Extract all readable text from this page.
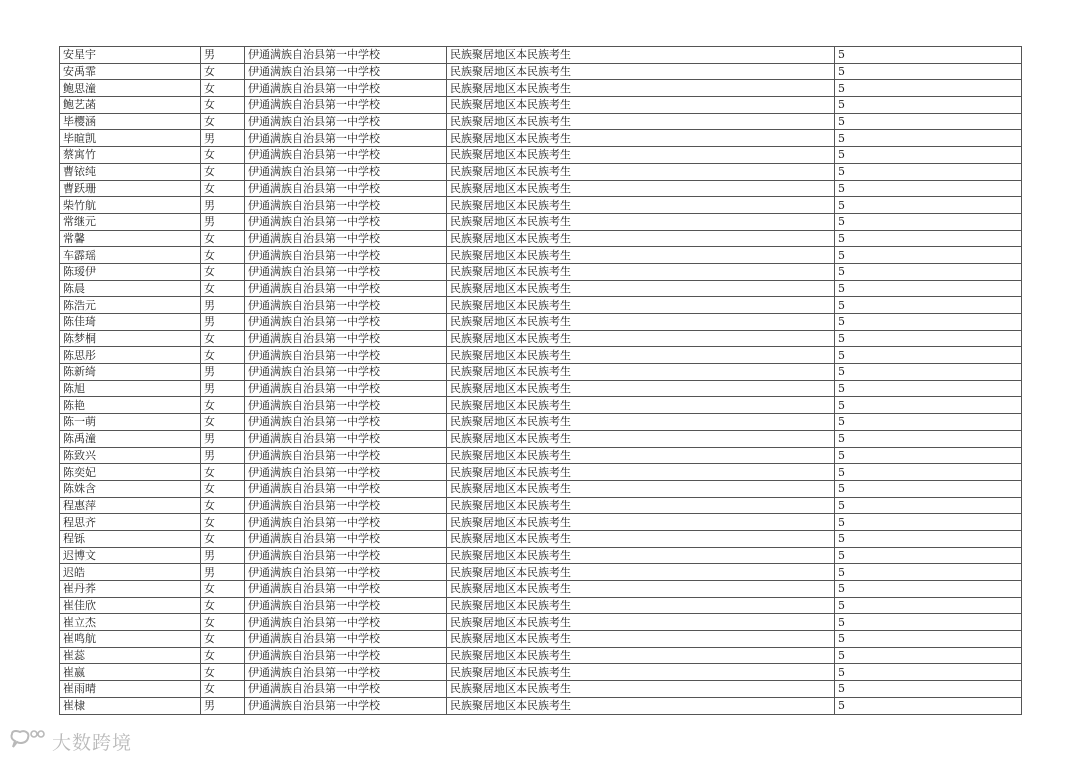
安星宇	男	伊通满族自治县第一中学校	民族聚居地区本民族考生	5
安禹霏	女	伊通满族自治县第一中学校	民族聚居地区本民族考生	5
鲍思潼	女	伊通满族自治县第一中学校	民族聚居地区本民族考生	5
鲍艺菡	女	伊通满族自治县第一中学校	民族聚居地区本民族考生	5
毕樱涵	女	伊通满族自治县第一中学校	民族聚居地区本民族考生	5
毕暄凯	男	伊通满族自治县第一中学校	民族聚居地区本民族考生	5
蔡寓竹	女	伊通满族自治县第一中学校	民族聚居地区本民族考生	5
曹铱纯	女	伊通满族自治县第一中学校	民族聚居地区本民族考生	5
曹跃珊	女	伊通满族自治县第一中学校	民族聚居地区本民族考生	5
柴竹航	男	伊通满族自治县第一中学校	民族聚居地区本民族考生	5
常继元	男	伊通满族自治县第一中学校	民族聚居地区本民族考生	5
常馨	女	伊通满族自治县第一中学校	民族聚居地区本民族考生	5
车霹瑶	女	伊通满族自治县第一中学校	民族聚居地区本民族考生	5
陈瑷伊	女	伊通满族自治县第一中学校	民族聚居地区本民族考生	5
陈晨	女	伊通满族自治县第一中学校	民族聚居地区本民族考生	5
陈浩元	男	伊通满族自治县第一中学校	民族聚居地区本民族考生	5
陈佳琦	男	伊通满族自治县第一中学校	民族聚居地区本民族考生	5
陈梦桐	女	伊通满族自治县第一中学校	民族聚居地区本民族考生	5
陈思彤	女	伊通满族自治县第一中学校	民族聚居地区本民族考生	5
陈新绮	男	伊通满族自治县第一中学校	民族聚居地区本民族考生	5
陈旭	男	伊通满族自治县第一中学校	民族聚居地区本民族考生	5
陈艳	女	伊通满族自治县第一中学校	民族聚居地区本民族考生	5
陈一萌	女	伊通满族自治县第一中学校	民族聚居地区本民族考生	5
陈禹潼	男	伊通满族自治县第一中学校	民族聚居地区本民族考生	5
陈致兴	男	伊通满族自治县第一中学校	民族聚居地区本民族考生	5
陈奕妃	女	伊通满族自治县第一中学校	民族聚居地区本民族考生	5
陈姝含	女	伊通满族自治县第一中学校	民族聚居地区本民族考生	5
程惠萍	女	伊通满族自治县第一中学校	民族聚居地区本民族考生	5
程思齐	女	伊通满族自治县第一中学校	民族聚居地区本民族考生	5
程铄	女	伊通满族自治县第一中学校	民族聚居地区本民族考生	5
迟博文	男	伊通满族自治县第一中学校	民族聚居地区本民族考生	5
迟皓	男	伊通满族自治县第一中学校	民族聚居地区本民族考生	5
崔丹荞	女	伊通满族自治县第一中学校	民族聚居地区本民族考生	5
崔佳欣	女	伊通满族自治县第一中学校	民族聚居地区本民族考生	5
崔立杰	女	伊通满族自治县第一中学校	民族聚居地区本民族考生	5
崔鸣航	女	伊通满族自治县第一中学校	民族聚居地区本民族考生	5
崔蕊	女	伊通满族自治县第一中学校	民族聚居地区本民族考生	5
崔嬴	女	伊通满族自治县第一中学校	民族聚居地区本民族考生	5
崔雨晴	女	伊通满族自治县第一中学校	民族聚居地区本民族考生	5
崔棣	男	伊通满族自治县第一中学校	民族聚居地区本民族考生	5
大数跨境
